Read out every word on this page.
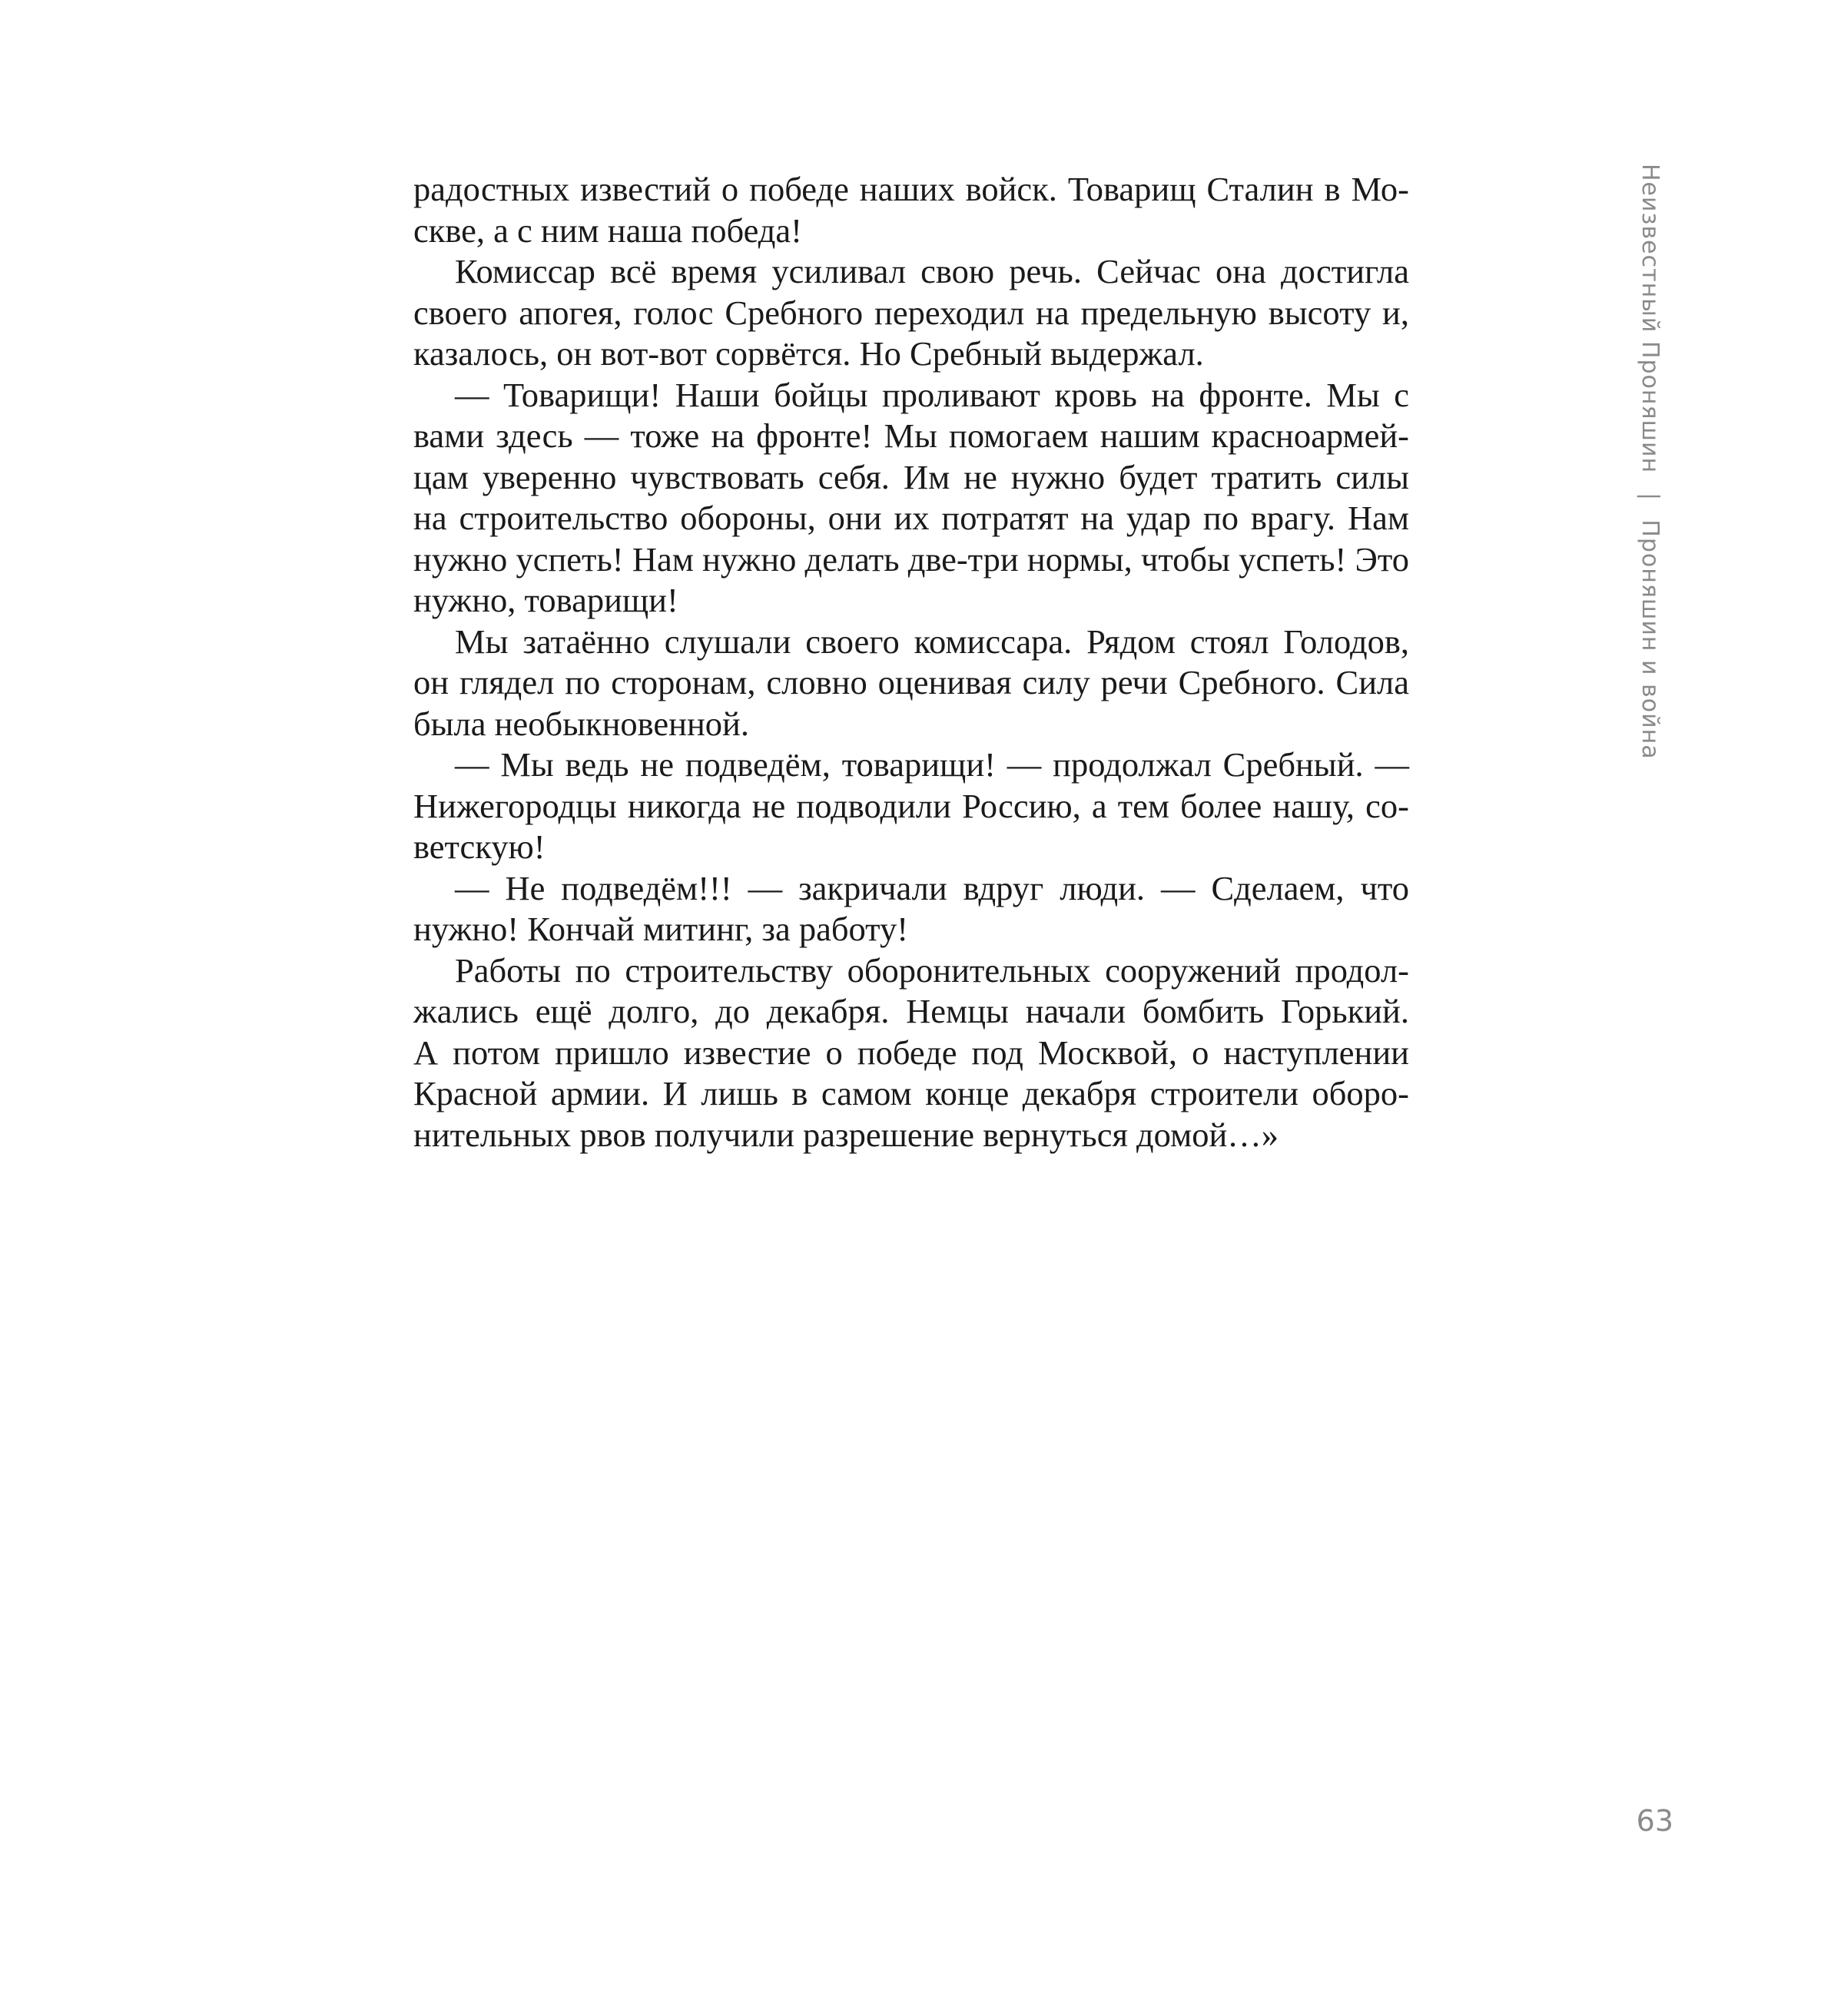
радостных известий о победе наших войск. Товарищ Сталин в Мо-
скве, а с ним наша победа!
Комиссар всё время усиливал свою речь. Сейчас она достигла
своего апогея, голос Сребного переходил на предельную высоту и,
казалось, он вот-вот сорвётся. Но Сребный выдержал.
— Товарищи! Наши бойцы проливают кровь на фронте. Мы с
вами здесь — тоже на фронте! Мы помогаем нашим красноармей-
цам уверенно чувствовать себя. Им не нужно будет тратить силы
на строительство обороны, они их потратят на удар по врагу. Нам
нужно успеть! Нам нужно делать две-три нормы, чтобы успеть! Это
нужно, товарищи!
Мы затаённо слушали своего комиссара. Рядом стоял Голодов,
он глядел по сторонам, словно оценивая силу речи Сребного. Сила
была необыкновенной.
— Мы ведь не подведём, товарищи! — продолжал Сребный. —
Нижегородцы никогда не подводили Россию, а тем более нашу, со-
ветскую!
— Не подведём!!! — закричали вдруг люди. — Сделаем, что
нужно! Кончай митинг, за работу!
Работы по строительству оборонительных сооружений продол-
жались ещё долго, до декабря. Немцы начали бомбить Горький.
А потом пришло известие о победе под Москвой, о наступлении
Красной армии. И лишь в самом конце декабря строители оборо-
нительных рвов получили разрешение вернуться домой…»
Неизвестный Проняшин | Проняшин и война
63
